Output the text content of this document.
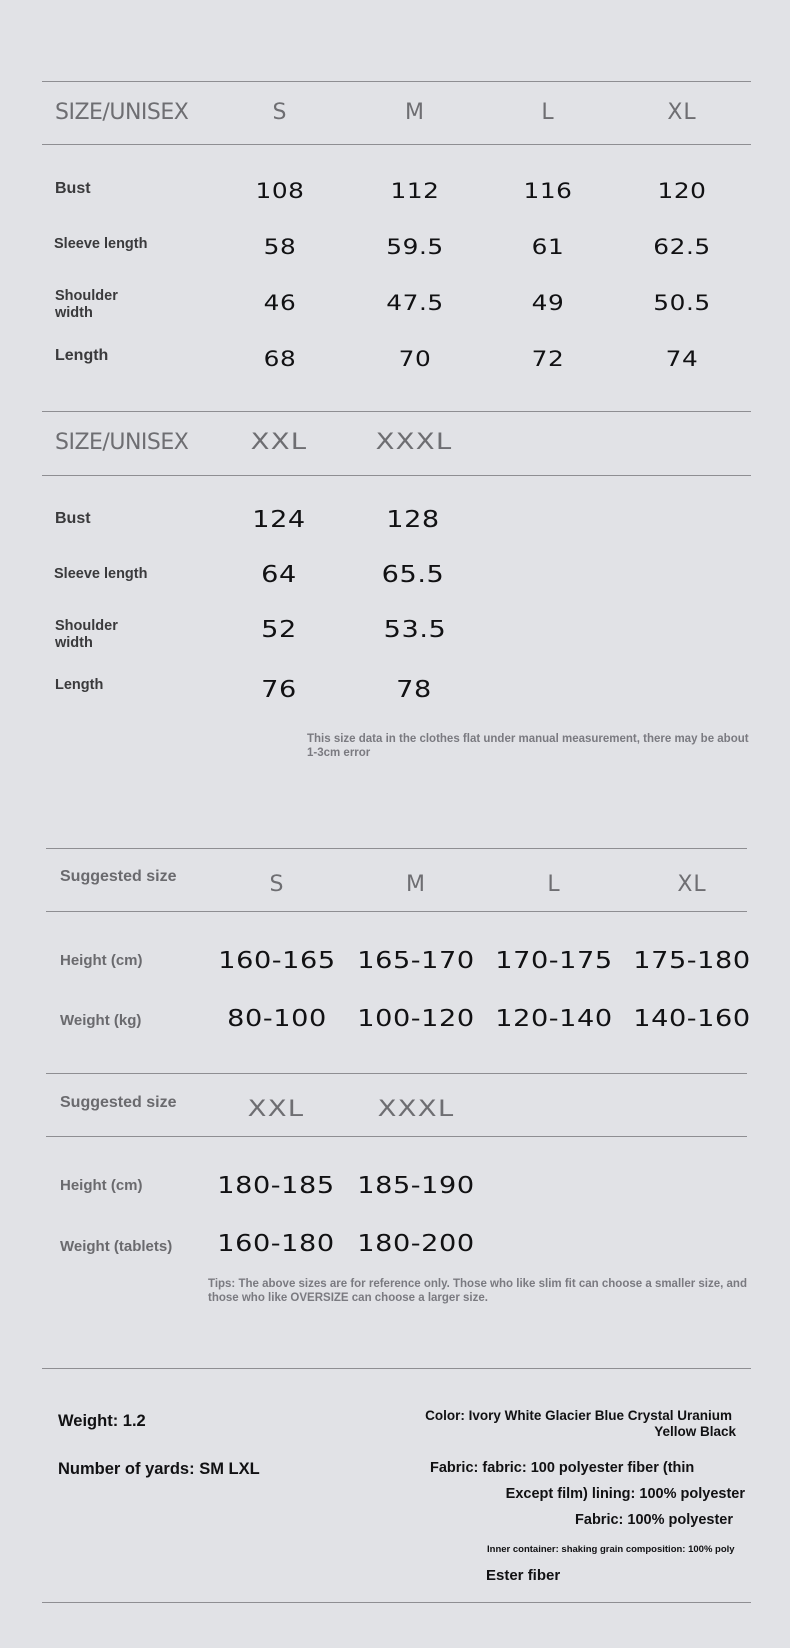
SIZE/UNISEX	S	M	L	XL
Bust	108	112	116	120
Sleeve length	58	59.5	61	62.5
Shoulder
width	46	47.5	49	50.5
Length	68	70	72	74
SIZE/UNISEX	XXL	XXXL
Bust	124	128
Sleeve length	64	65.5
Shoulder
width	52	53.5
Length	76	78
This size data in the clothes flat under manual measurement, there may be about 1-3cm error
Suggested size	S	M	L	XL
Height (cm)	160-165 165-170 170-175 175-180
Weight (kg)	80-100 100-120 120-140 140-160
Suggested size	XXL	XXXL
Height (cm)	180-185 185-190
Weight (tablets) 160-180 180-200
Tips: The above sizes are for reference only. Those who like slim fit can choose a smaller size, and those who like OVERSIZE can choose a larger size.
Weight: 1.2
Number of yards: SM LXL
Color: Ivory White Glacier Blue Crystal Uranium
Yellow Black
Fabric: fabric: 100 polyester fiber (thin
Except film) lining: 100% polyester
Fabric: 100% polyester
Inner container: shaking grain composition: 100% poly
Ester fiber
